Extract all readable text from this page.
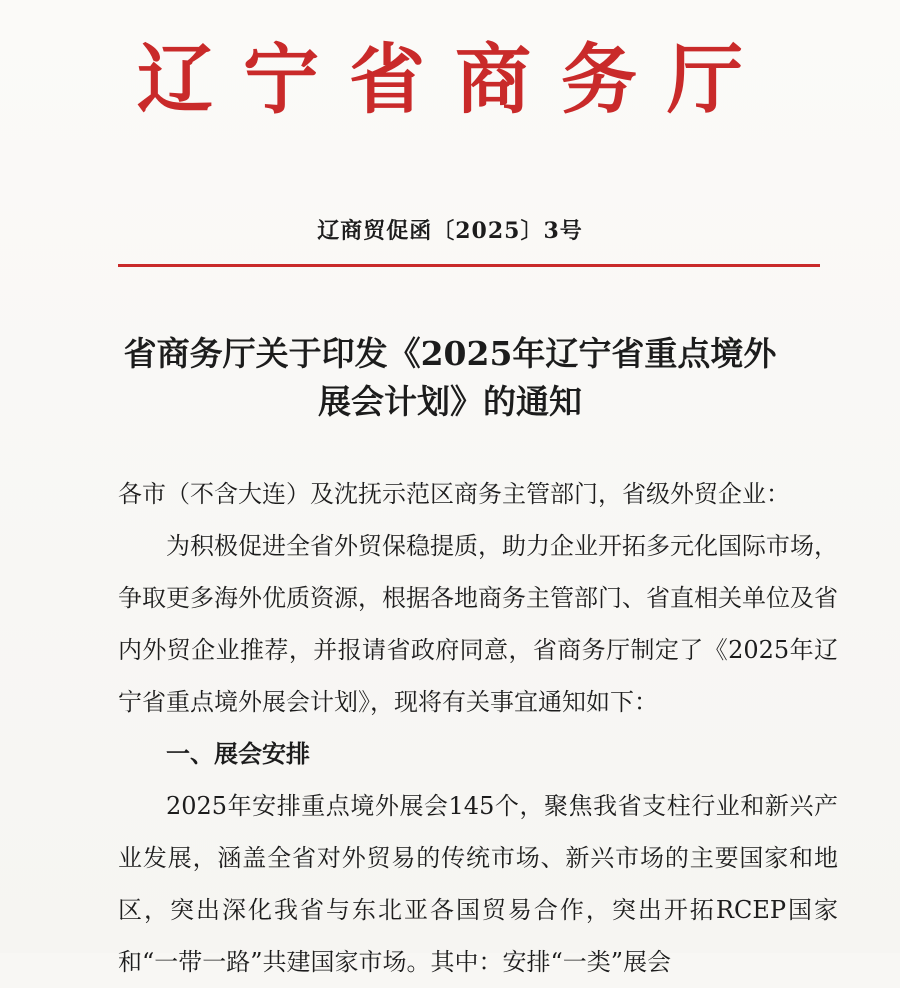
辽宁省商务厅
辽商贸促函〔2025〕3号
省商务厅关于印发《2025年辽宁省重点境外
展会计划》的通知
各市（不含大连）及沈抚示范区商务主管部门，省级外贸企业：

为积极促进全省外贸保稳提质，助力企业开拓多元化国际市场，争取更多海外优质资源，根据各地商务主管部门、省直相关单位及省内外贸企业推荐，并报请省政府同意，省商务厅制定了《2025年辽宁省重点境外展会计划》，现将有关事宜通知如下：

一、展会安排

2025年安排重点境外展会145个，聚焦我省支柱行业和新兴产业发展，涵盖全省对外贸易的传统市场、新兴市场的主要国家和地区，突出深化我省与东北亚各国贸易合作，突出开拓RCEP国家和“一带一路”共建国家市场。其中：安排“一类”展会
